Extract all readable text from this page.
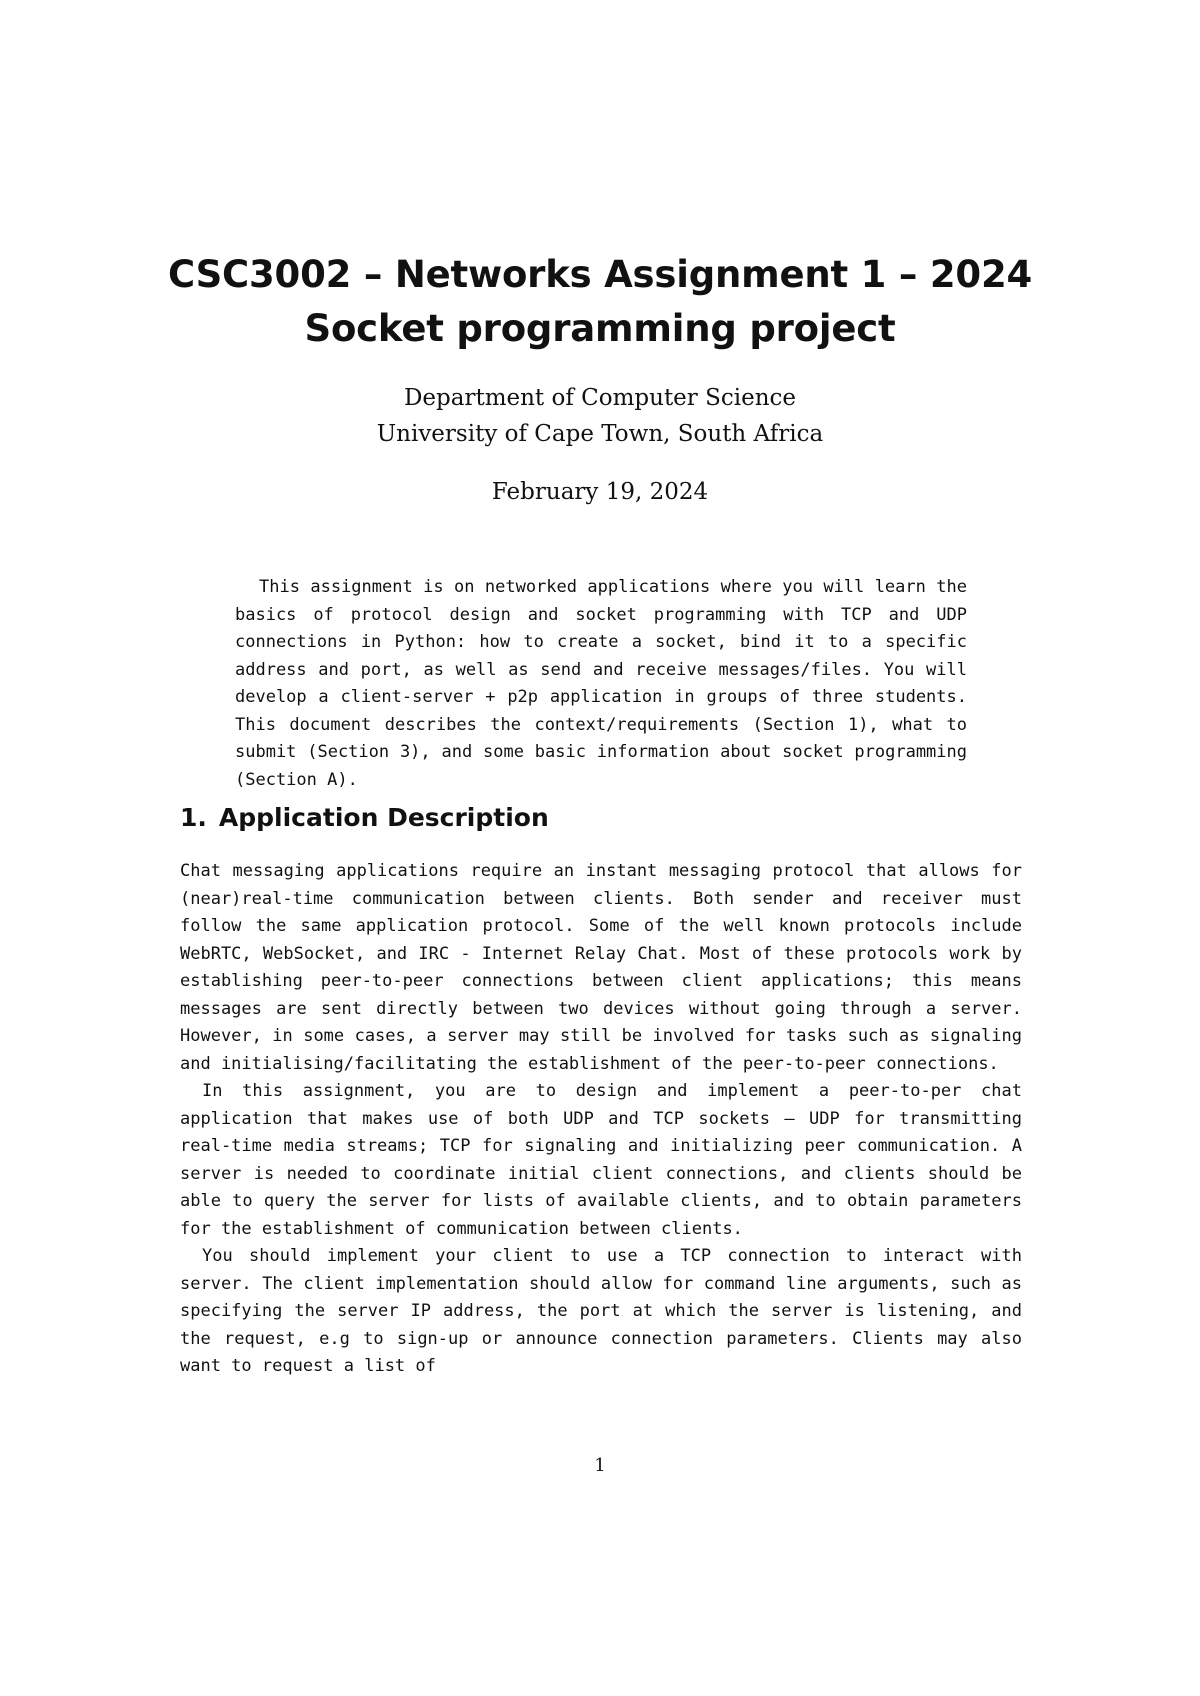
CSC3002 – Networks Assignment 1 – 2024

Socket programming project

Department of Computer Science
University of Cape Town, South Africa
February 19, 2024

This assignment is on networked applications where you will learn the basics of protocol design and socket programming with TCP and UDP connections in Python: how to create a socket, bind it to a specific address and port, as well as send and receive messages/files. You will develop a client-server + p2p application in groups of three students. This document describes the context/requirements (Section 1), what to submit (Section 3), and some basic information about socket programming (Section A).

1. Application Description

Chat messaging applications require an instant messaging protocol that allows for (near)real-time communication between clients. Both sender and receiver must follow the same application protocol. Some of the well known protocols include WebRTC, WebSocket, and IRC - Internet Relay Chat. Most of these protocols work by establishing peer-to-peer connections between client applications; this means messages are sent directly between two devices without going through a server. However, in some cases, a server may still be involved for tasks such as signaling and initialising/facilitating the establishment of the peer-to-peer connections.

In this assignment, you are to design and implement a peer-to-per chat application that makes use of both UDP and TCP sockets – UDP for transmitting real-time media streams; TCP for signaling and initializing peer communication. A server is needed to coordinate initial client connections, and clients should be able to query the server for lists of available clients, and to obtain parameters for the establishment of communication between clients.

You should implement your client to use a TCP connection to interact with server. The client implementation should allow for command line arguments, such as specifying the server IP address, the port at which the server is listening, and the request, e.g to sign-up or announce connection parameters. Clients may also want to request a list of

1
